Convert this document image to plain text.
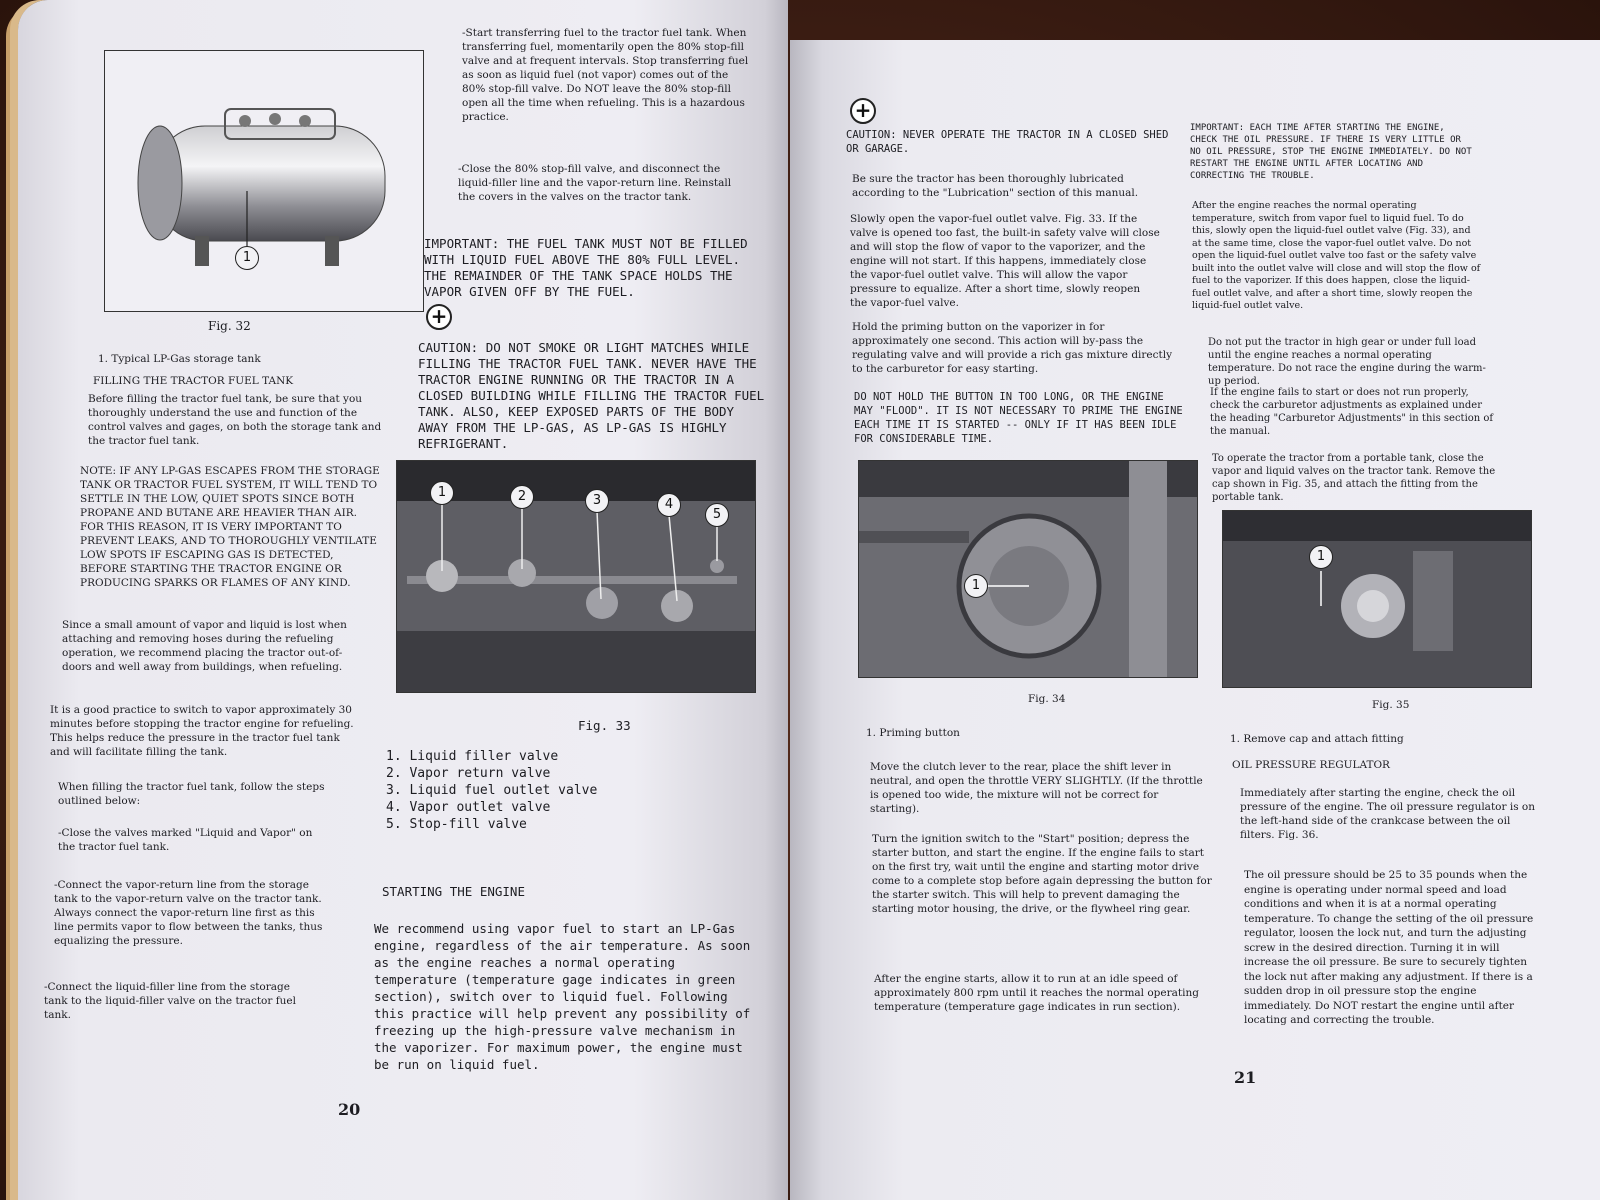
1
Fig. 32
1. Typical LP-Gas storage tank
FILLING THE TRACTOR FUEL TANK
Before filling the tractor fuel tank, be sure that you thoroughly understand the use and function of the control valves and gages, on both the storage tank and the tractor fuel tank.
NOTE: IF ANY LP-GAS ESCAPES FROM THE STORAGE TANK OR TRACTOR FUEL SYSTEM, IT WILL TEND TO SETTLE IN THE LOW, QUIET SPOTS SINCE BOTH PROPANE AND BUTANE ARE HEAVIER THAN AIR. FOR THIS REASON, IT IS VERY IMPORTANT TO PREVENT LEAKS, AND TO THOROUGHLY VENTILATE LOW SPOTS IF ESCAPING GAS IS DETECTED, BEFORE STARTING THE TRACTOR ENGINE OR PRODUCING SPARKS OR FLAMES OF ANY KIND.
Since a small amount of vapor and liquid is lost when attaching and removing hoses during the refueling operation, we recommend placing the tractor out-of-doors and well away from buildings, when refueling.
It is a good practice to switch to vapor approximately 30 minutes before stopping the tractor engine for refueling. This helps reduce the pressure in the tractor fuel tank and will facilitate filling the tank.
When filling the tractor fuel tank, follow the steps outlined below:
-Close the valves marked "Liquid and Vapor" on the tractor fuel tank.
-Connect the vapor-return line from the storage tank to the vapor-return valve on the tractor tank. Always connect the vapor-return line first as this line permits vapor to flow between the tanks, thus equalizing the pressure.
-Connect the liquid-filler line from the storage tank to the liquid-filler valve on the tractor fuel tank.
-Start transferring fuel to the tractor fuel tank. When transferring fuel, momentarily open the 80% stop-fill valve and at frequent intervals. Stop transferring fuel as soon as liquid fuel (not vapor) comes out of the 80% stop-fill valve. Do NOT leave the 80% stop-fill open all the time when refueling. This is a hazardous practice.
-Close the 80% stop-fill valve, and disconnect the liquid-filler line and the vapor-return line. Reinstall the covers in the valves on the tractor tank.
IMPORTANT: THE FUEL TANK MUST NOT BE FILLED WITH LIQUID FUEL ABOVE THE 80% FULL LEVEL. THE REMAINDER OF THE TANK SPACE HOLDS THE VAPOR GIVEN OFF BY THE FUEL.
+
CAUTION: DO NOT SMOKE OR LIGHT MATCHES WHILE FILLING THE TRACTOR FUEL TANK. NEVER HAVE THE TRACTOR ENGINE RUNNING OR THE TRACTOR IN A CLOSED BUILDING WHILE FILLING THE TRACTOR FUEL TANK. ALSO, KEEP EXPOSED PARTS OF THE BODY AWAY FROM THE LP-GAS, AS LP-GAS IS HIGHLY REFRIGERANT.
1	2	3	4
5
Fig. 33
1. Liquid filler valve
2. Vapor return valve
3. Liquid fuel outlet valve
4. Vapor outlet valve
5. Stop-fill valve
STARTING THE ENGINE
We recommend using vapor fuel to start an LP-Gas engine, regardless of the air temperature. As soon as the engine reaches a normal operating temperature (temperature gage indicates in green section), switch over to liquid fuel. Following this practice will help prevent any possibility of freezing up the high-pressure valve mechanism in the vaporizer. For maximum power, the engine must be run on liquid fuel.
20
+
CAUTION: NEVER OPERATE THE TRACTOR IN A CLOSED SHED OR GARAGE.
Be sure the tractor has been thoroughly lubricated according to the "Lubrication" section of this manual.
Slowly open the vapor-fuel outlet valve. Fig. 33. If the valve is opened too fast, the built-in safety valve will close and will stop the flow of vapor to the vaporizer, and the engine will not start. If this happens, immediately close the vapor-fuel outlet valve. This will allow the vapor pressure to equalize. After a short time, slowly reopen the vapor-fuel valve.
Hold the priming button on the vaporizer in for approximately one second. This action will by-pass the regulating valve and will provide a rich gas mixture directly to the carburetor for easy starting.
DO NOT HOLD THE BUTTON IN TOO LONG, OR THE ENGINE MAY "FLOOD". IT IS NOT NECESSARY TO PRIME THE ENGINE EACH TIME IT IS STARTED -- ONLY IF IT HAS BEEN IDLE FOR CONSIDERABLE TIME.
1
Fig. 34
1. Priming button
Move the clutch lever to the rear, place the shift lever in neutral, and open the throttle VERY SLIGHTLY. (If the throttle is opened too wide, the mixture will not be correct for starting).
Turn the ignition switch to the "Start" position; depress the starter button, and start the engine. If the engine fails to start on the first try, wait until the engine and starting motor drive come to a complete stop before again depressing the button for the starter switch. This will help to prevent damaging the starting motor housing, the drive, or the flywheel ring gear.
After the engine starts, allow it to run at an idle speed of approximately 800 rpm until it reaches the normal operating temperature (temperature gage indicates in run section).
IMPORTANT: EACH TIME AFTER STARTING THE ENGINE, CHECK THE OIL PRESSURE. IF THERE IS VERY LITTLE OR NO OIL PRESSURE, STOP THE ENGINE IMMEDIATELY. DO NOT RESTART THE ENGINE UNTIL AFTER LOCATING AND CORRECTING THE TROUBLE.
After the engine reaches the normal operating temperature, switch from vapor fuel to liquid fuel. To do this, slowly open the liquid-fuel outlet valve (Fig. 33), and at the same time, close the vapor-fuel outlet valve. Do not open the liquid-fuel outlet valve too fast or the safety valve built into the outlet valve will close and will stop the flow of fuel to the vaporizer. If this does happen, close the liquid-fuel outlet valve, and after a short time, slowly reopen the liquid-fuel outlet valve.
Do not put the tractor in high gear or under full load until the engine reaches a normal operating temperature. Do not race the engine during the warm-up period.
If the engine fails to start or does not run properly, check the carburetor adjustments as explained under the heading "Carburetor Adjustments" in this section of the manual.
To operate the tractor from a portable tank, close the vapor and liquid valves on the tractor tank. Remove the cap shown in Fig. 35, and attach the fitting from the portable tank.
1
Fig. 35
1. Remove cap and attach fitting
OIL PRESSURE REGULATOR
Immediately after starting the engine, check the oil pressure of the engine. The oil pressure regulator is on the left-hand side of the crankcase between the oil filters. Fig. 36.
The oil pressure should be 25 to 35 pounds when the engine is operating under normal speed and load conditions and when it is at a normal operating temperature. To change the setting of the oil pressure regulator, loosen the lock nut, and turn the adjusting screw in the desired direction. Turning it in will increase the oil pressure. Be sure to securely tighten the lock nut after making any adjustment. If there is a sudden drop in oil pressure stop the engine immediately. Do NOT restart the engine until after locating and correcting the trouble.
21
